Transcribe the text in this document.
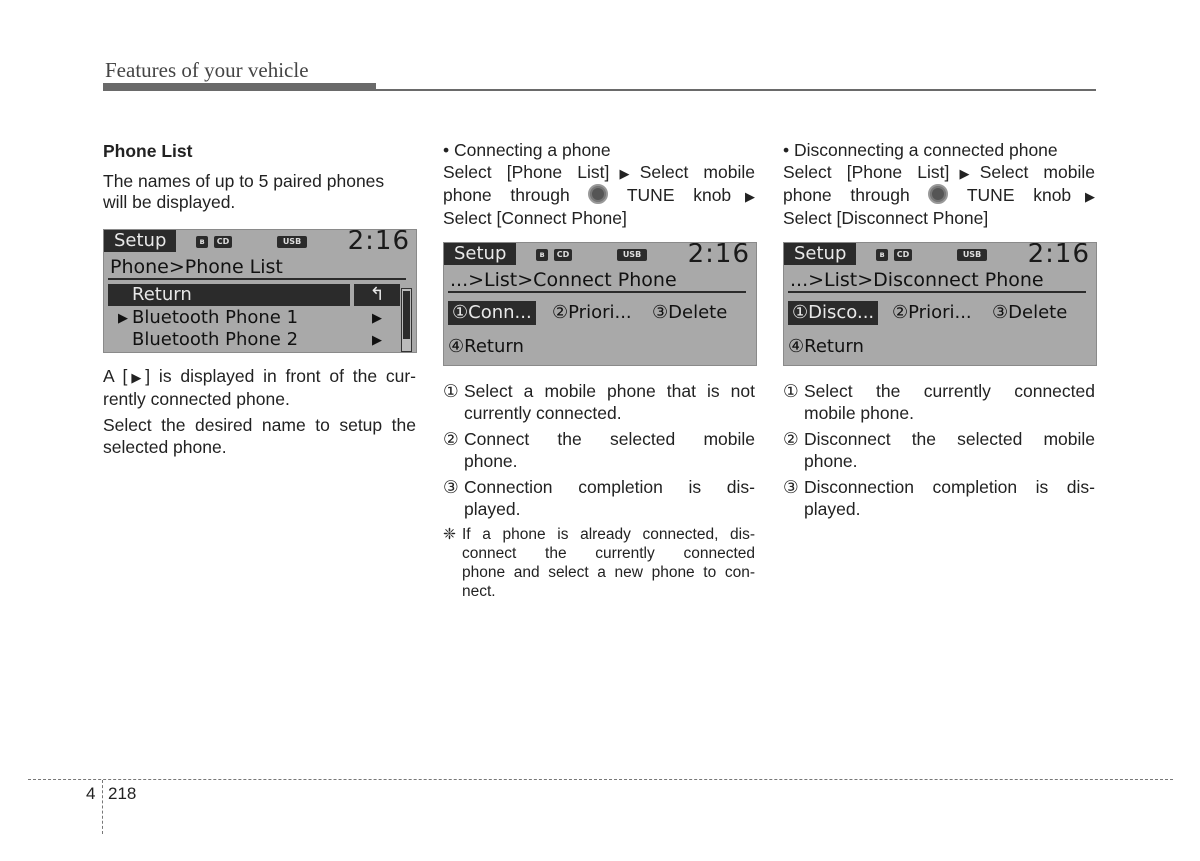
Features of your vehicle

Phone List

The names of up to 5 paired phones

will be displayed.

Setup	ʙ	CD	USB 2:16
Phone>Phone List
Return	↰
▶ Bluetooth Phone 1	▶
Bluetooth Phone 2	▶

A [▶] is displayed in front of the cur-

rently connected phone.

Select the desired name to setup the

selected phone.

• Connecting a phone

Select [Phone List]▶Select mobile

phone through	TUNE knob▶

Select [Connect Phone]

Setup	ʙ	CD	USB 2:16
...>List>Connect Phone
①Conn... ②Priori... ③Delete
④Return
① Select a mobile phone that is not

currently connected.

② Connect the selected mobile

phone.

③ Connection completion is dis-

played.

❈ If a phone is already connected, dis-

connect the currently connected

phone and select a new phone to con-

nect.

• Disconnecting a connected phone

Select [Phone List]▶Select mobile

phone through	TUNE knob▶

Select [Disconnect Phone]

Setup	ʙ	CD	USB 2:16
...>List>Disconnect Phone
①Disco... ②Priori... ③Delete
④Return
① Select the currently connected

mobile phone.

② Disconnect the selected mobile

phone.

③ Disconnection completion is dis-

played.

4 218
